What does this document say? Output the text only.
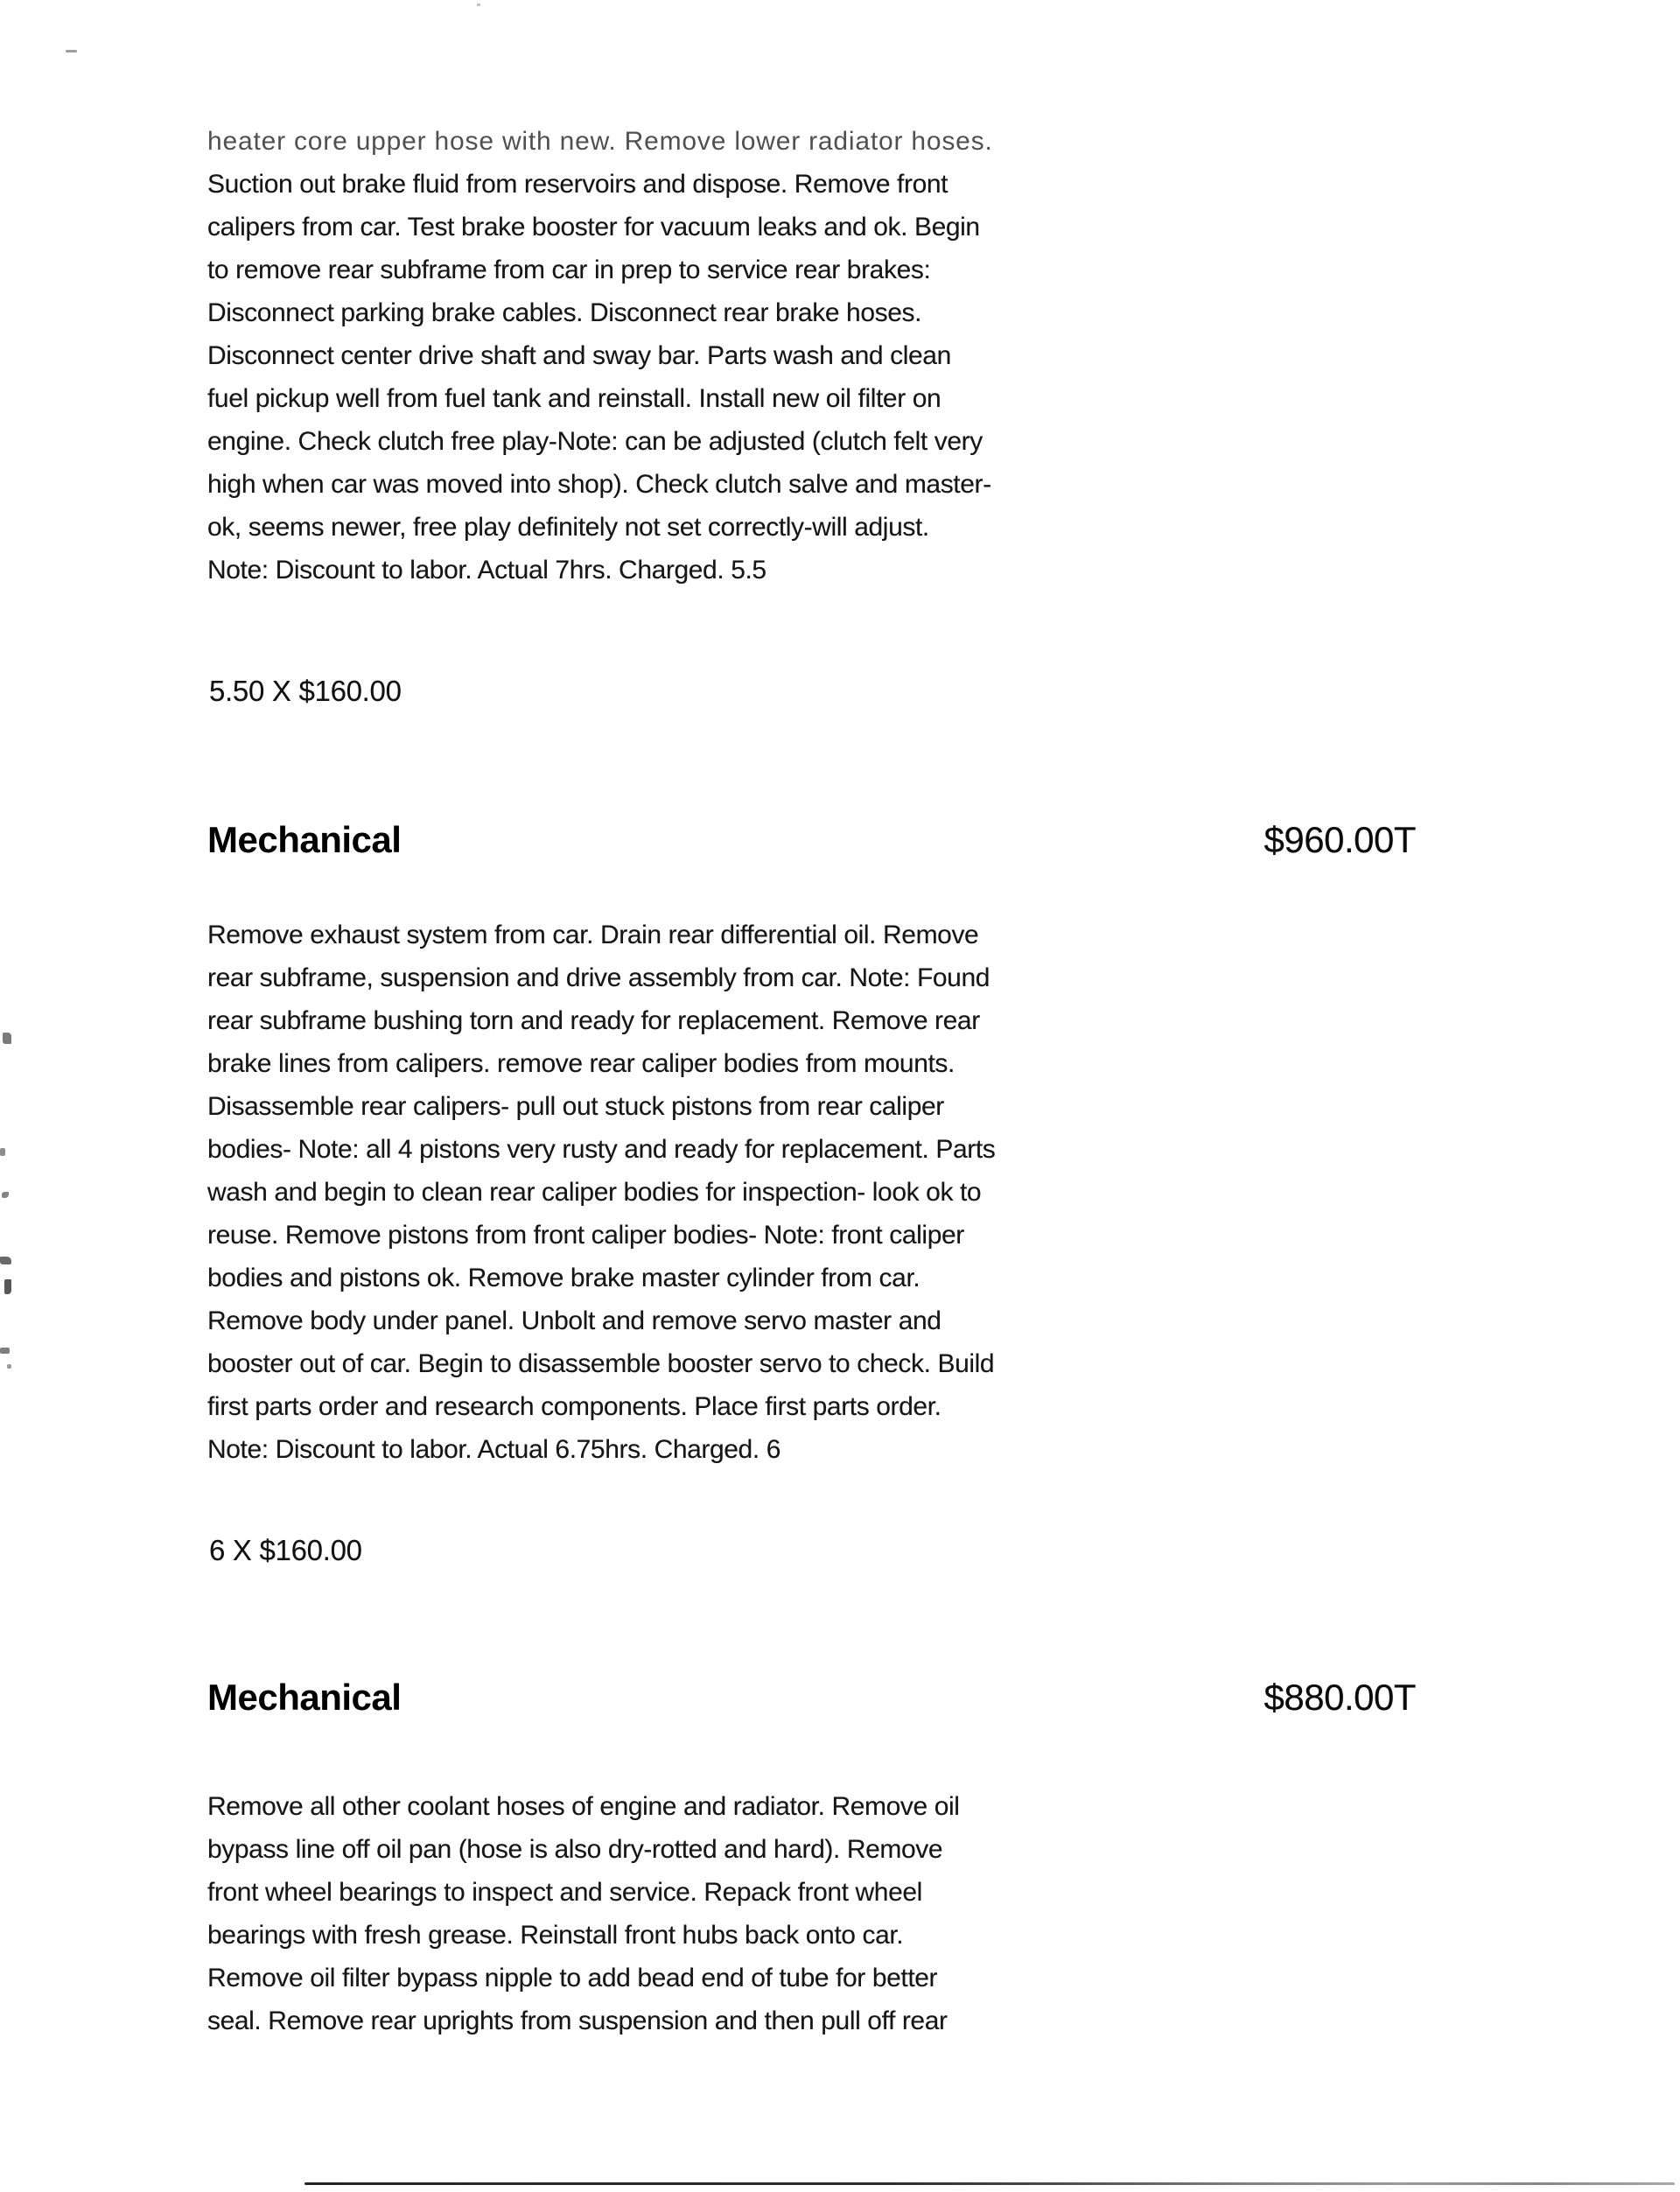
heater core upper hose with new. Remove lower radiator hoses.
Suction out brake fluid from reservoirs and dispose. Remove front
calipers from car. Test brake booster for vacuum leaks and ok. Begin
to remove rear subframe from car in prep to service rear brakes:
Disconnect parking brake cables. Disconnect rear brake hoses.
Disconnect center drive shaft and sway bar. Parts wash and clean
fuel pickup well from fuel tank and reinstall. Install new oil filter on
engine. Check clutch free play-Note: can be adjusted (clutch felt very
high when car was moved into shop). Check clutch salve and master-
ok, seems newer, free play definitely not set correctly-will adjust.
Note: Discount to labor. Actual 7hrs. Charged. 5.5
5.50 X $160.00
Mechanical	$960.00T
Remove exhaust system from car. Drain rear differential oil. Remove
rear subframe, suspension and drive assembly from car. Note: Found
rear subframe bushing torn and ready for replacement. Remove rear
brake lines from calipers. remove rear caliper bodies from mounts.
Disassemble rear calipers- pull out stuck pistons from rear caliper
bodies- Note: all 4 pistons very rusty and ready for replacement. Parts
wash and begin to clean rear caliper bodies for inspection- look ok to
reuse. Remove pistons from front caliper bodies- Note: front caliper
bodies and pistons ok. Remove brake master cylinder from car.
Remove body under panel. Unbolt and remove servo master and
booster out of car. Begin to disassemble booster servo to check. Build
first parts order and research components. Place first parts order.
Note: Discount to labor. Actual 6.75hrs. Charged. 6
6 X $160.00
Mechanical	$880.00T
Remove all other coolant hoses of engine and radiator. Remove oil
bypass line off oil pan (hose is also dry-rotted and hard). Remove
front wheel bearings to inspect and service. Repack front wheel
bearings with fresh grease. Reinstall front hubs back onto car.
Remove oil filter bypass nipple to add bead end of tube for better
seal. Remove rear uprights from suspension and then pull off rear
